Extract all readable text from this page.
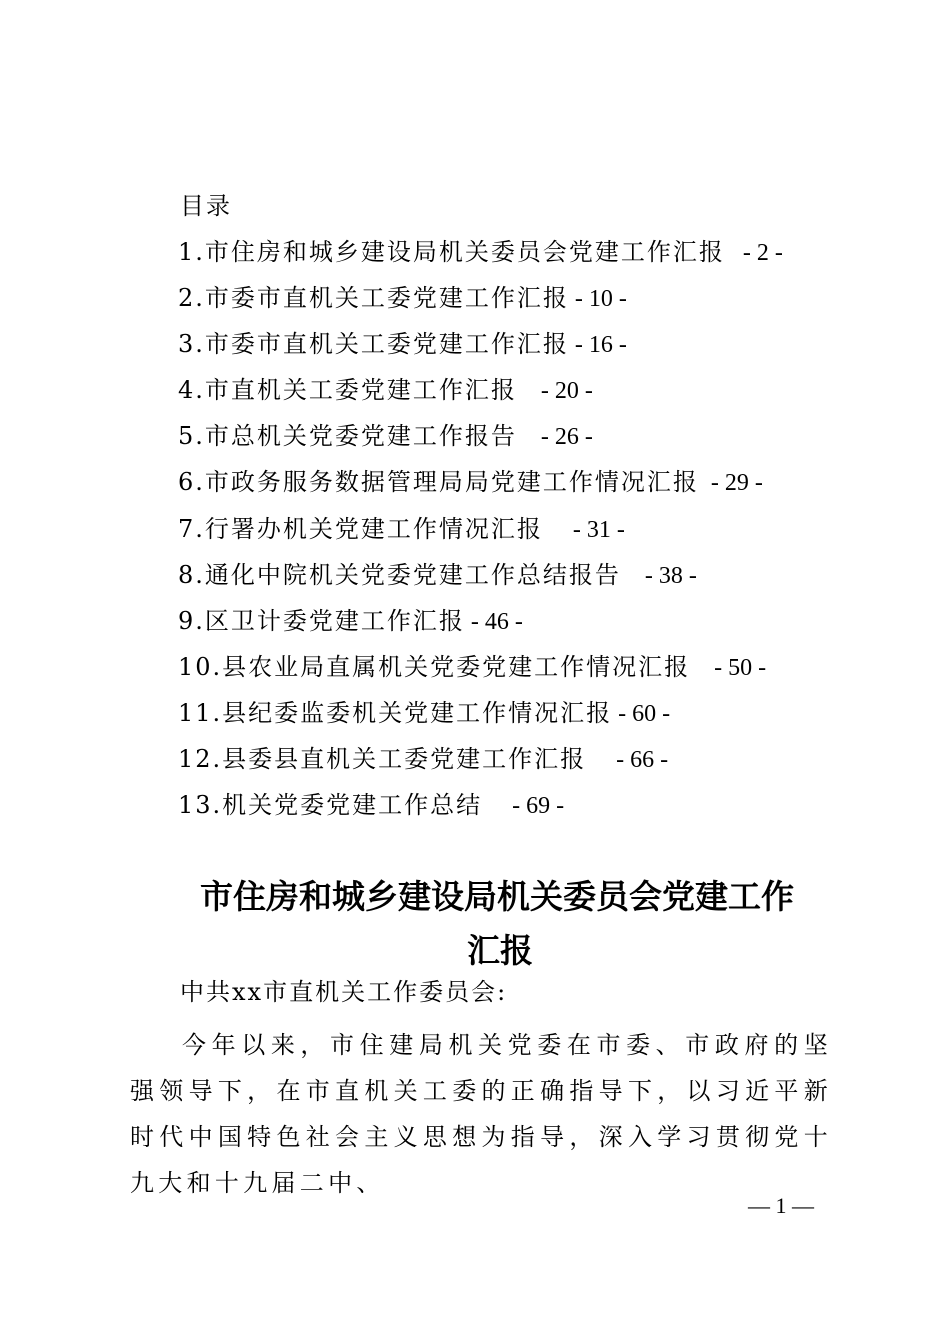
目录
1.市住房和城乡建设局机关委员会党建工作汇报   - 2 -
2.市委市直机关工委党建工作汇报 - 10 -
3.市委市直机关工委党建工作汇报 - 16 -
4.市直机关工委党建工作汇报    - 20 -
5.市总机关党委党建工作报告    - 26 -
6.市政务服务数据管理局局党建工作情况汇报  - 29 -
7.行署办机关党建工作情况汇报     - 31 -
8.通化中院机关党委党建工作总结报告    - 38 -
9.区卫计委党建工作汇报 - 46 -
10.县农业局直属机关党委党建工作情况汇报    - 50 -
11.县纪委监委机关党建工作情况汇报 - 60 -
12.县委县直机关工委党建工作汇报     - 66 -
13.机关党委党建工作总结     - 69 -
市住房和城乡建设局机关委员会党建工作
汇报
中共xx市直机关工作委员会:

今年以来，市住建局机关党委在市委、市政府的坚强领导下，在市直机关工委的正确指导下，以习近平新时代中国特色社会主义思想为指导，深入学习贯彻党十九大和十九届二中、

— 1 —
